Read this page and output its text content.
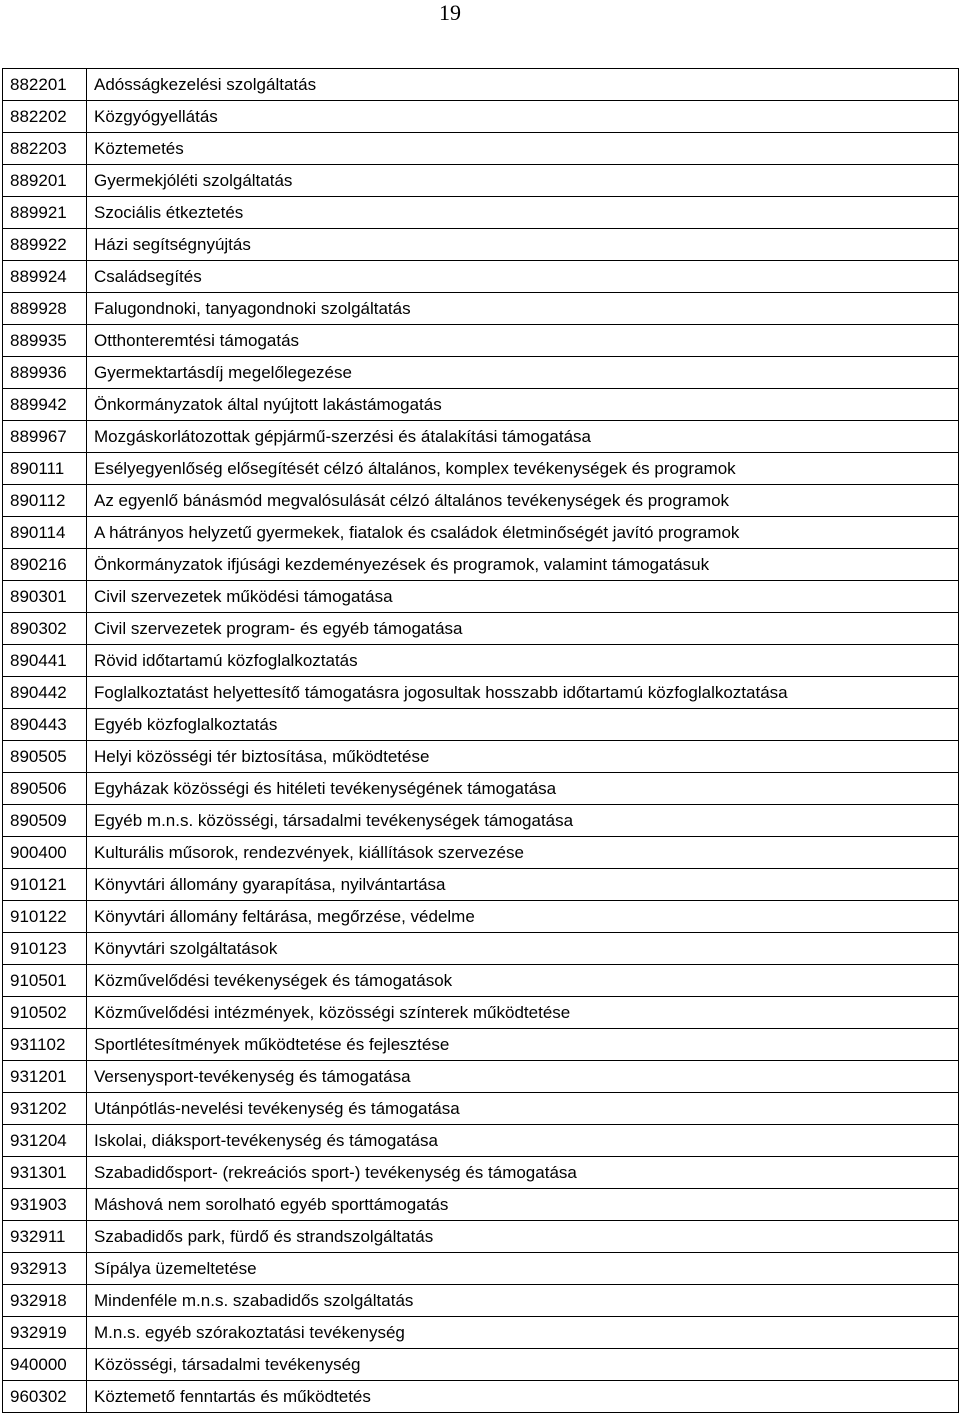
19
882201	Adósságkezelési szolgáltatás
882202	Közgyógyellátás
882203	Köztemetés
889201	Gyermekjóléti szolgáltatás
889921	Szociális étkeztetés
889922	Házi segítségnyújtás
889924	Családsegítés
889928	Falugondnoki, tanyagondnoki szolgáltatás
889935	Otthonteremtési támogatás
889936	Gyermektartásdíj megelőlegezése
889942	Önkormányzatok által nyújtott lakástámogatás
889967	Mozgáskorlátozottak gépjármű-szerzési és átalakítási támogatása
890111	Esélyegyenlőség elősegítését célzó általános, komplex tevékenységek és programok
890112	Az egyenlő bánásmód megvalósulását célzó általános tevékenységek és programok
890114	A hátrányos helyzetű gyermekek, fiatalok és családok életminőségét javító programok
890216	Önkormányzatok ifjúsági kezdeményezések és programok, valamint támogatásuk
890301	Civil szervezetek működési támogatása
890302	Civil szervezetek program- és egyéb támogatása
890441	Rövid időtartamú közfoglalkoztatás
890442	Foglalkoztatást helyettesítő támogatásra jogosultak hosszabb időtartamú közfoglalkoztatása
890443	Egyéb közfoglalkoztatás
890505	Helyi közösségi tér biztosítása, működtetése
890506	Egyházak közösségi és hitéleti tevékenységének támogatása
890509	Egyéb m.n.s. közösségi, társadalmi tevékenységek támogatása
900400	Kulturális műsorok, rendezvények, kiállítások szervezése
910121	Könyvtári állomány gyarapítása, nyilvántartása
910122	Könyvtári állomány feltárása, megőrzése, védelme
910123	Könyvtári szolgáltatások
910501	Közművelődési tevékenységek és támogatások
910502	Közművelődési intézmények, közösségi színterek működtetése
931102	Sportlétesítmények működtetése és fejlesztése
931201	Versenysport-tevékenység és támogatása
931202	Utánpótlás-nevelési tevékenység és támogatása
931204	Iskolai, diáksport-tevékenység és támogatása
931301	Szabadidősport- (rekreációs sport-) tevékenység és támogatása
931903	Máshová nem sorolható egyéb sporttámogatás
932911	Szabadidős park, fürdő és strandszolgáltatás
932913	Sípálya üzemeltetése
932918	Mindenféle m.n.s. szabadidős szolgáltatás
932919	M.n.s. egyéb szórakoztatási tevékenység
940000	Közösségi, társadalmi tevékenység
960302	Köztemető fenntartás és működtetés
